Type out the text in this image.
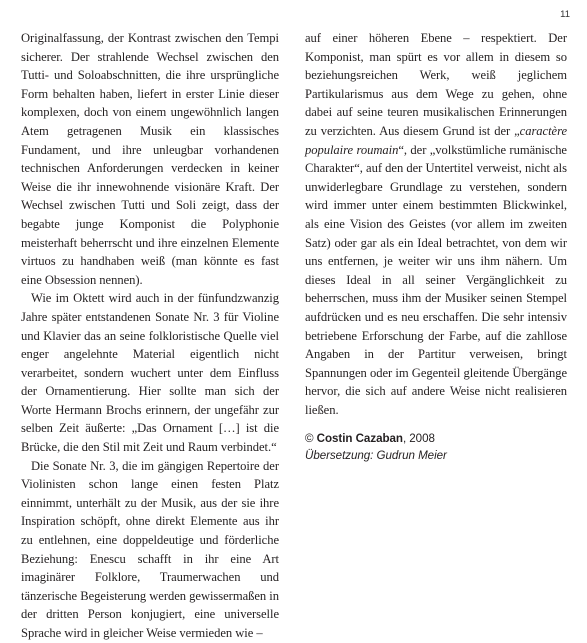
11

Originalfassung, der Kontrast zwischen den Tempi sicherer. Der strahlende Wechsel zwischen den Tutti- und Soloabschnitten, die ihre ursprüngliche Form behalten haben, liefert in erster Linie dieser komplexen, doch von einem ungewöhnlich langen Atem getragenen Musik ein klassisches Fundament, und ihre unleugbar vorhandenen technischen Anforderungen verdecken in keiner Weise die ihr innewohnende visionäre Kraft. Der Wechsel zwischen Tutti und Soli zeigt, dass der begabte junge Komponist die Polyphonie meisterhaft beherrscht und ihre einzelnen Elemente virtuos zu handhaben weiß (man könnte es fast eine Obsession nennen).

Wie im Oktett wird auch in der fünfundzwanzig Jahre später entstandenen Sonate Nr. 3 für Violine und Klavier das an seine folkloristische Quelle viel enger angelehnte Material eigentlich nicht verarbeitet, sondern wuchert unter dem Einfluss der Ornamentierung. Hier sollte man sich der Worte Hermann Brochs erinnern, der ungefähr zur selben Zeit äußerte: „Das Ornament […] ist die Brücke, die den Stil mit Zeit und Raum verbindet.“

Die Sonate Nr. 3, die im gängigen Repertoire der Violinisten schon lange einen festen Platz einnimmt, unterhält zu der Musik, aus der sie ihre Inspiration schöpft, ohne direkt Elemente aus ihr zu entlehnen, eine doppeldeutige und förderliche Beziehung: Enescu schafft in ihr eine Art imaginärer Folklore, Traumerwachen und tänzerische Begeisterung werden gewissermaßen in der dritten Person konjugiert, eine universelle Sprache wird in gleicher Weise vermieden wie –

auf einer höheren Ebene – respektiert. Der Komponist, man spürt es vor allem in diesem so beziehungsreichen Werk, weiß jeglichem Partikularismus aus dem Wege zu gehen, ohne dabei auf seine teuren musikalischen Erinnerungen zu verzichten. Aus diesem Grund ist der „caractère populaire roumain“, der „volkstümliche rumänische Charakter“, auf den der Untertitel verweist, nicht als unwiderlegbare Grundlage zu verstehen, sondern wird immer unter einem bestimmten Blickwinkel, als eine Vision des Geistes (vor allem im zweiten Satz) oder gar als ein Ideal betrachtet, von dem wir uns entfernen, je weiter wir uns ihm nähern. Um dieses Ideal in all seiner Vergänglichkeit zu beherrschen, muss ihm der Musiker seinen Stempel aufdrücken und es neu erschaffen. Die sehr intensiv betriebene Erforschung der Farbe, auf die zahllose Angaben in der Partitur verweisen, bringt Spannungen oder im Gegenteil gleitende Übergänge hervor, die sich auf andere Weise nicht realisieren ließen.

© Costin Cazaban, 2008
Übersetzung: Gudrun Meier
